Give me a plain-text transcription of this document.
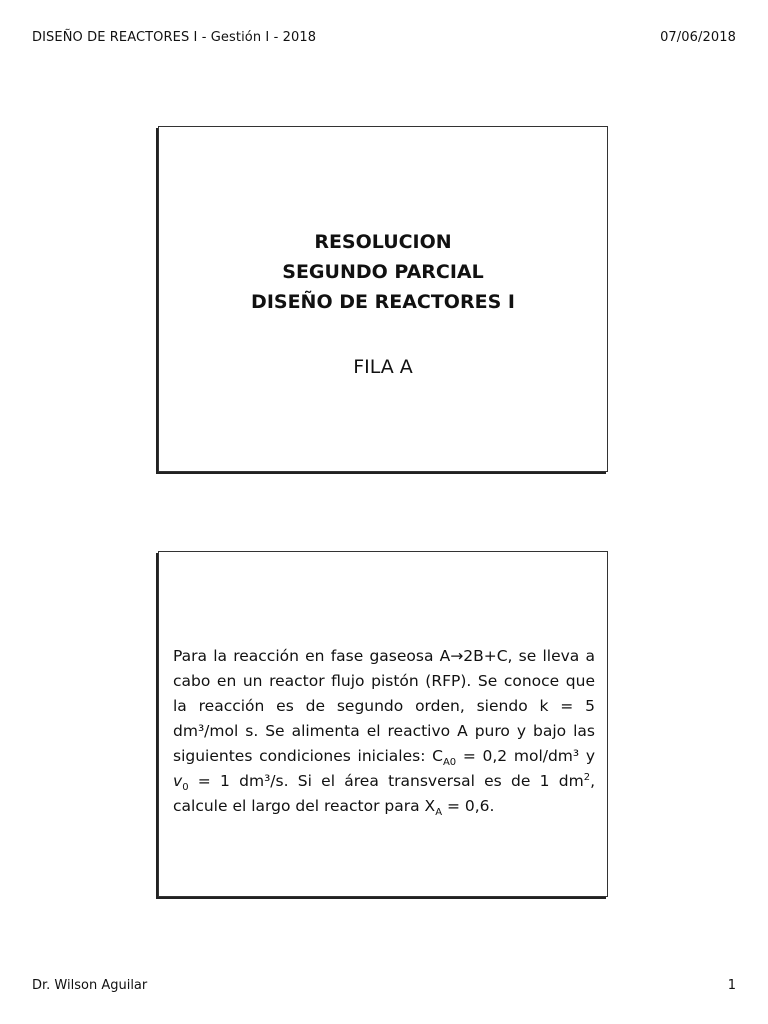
DISEÑO DE REACTORES I - Gestión I - 2018	07/06/2018
RESOLUCION
SEGUNDO PARCIAL
DISEÑO DE REACTORES I
FILA A

Para la reacción en fase gaseosa A→2B+C, se lleva a cabo en un reactor flujo pistón (RFP). Se conoce que la reacción es de segundo orden, siendo k = 5 dm³/mol s. Se alimenta el reactivo A puro y bajo las siguientes condiciones iniciales: $C_{A0} = 0,2$ mol/dm³ y $v_0 = 1$ dm³/s. Si el área transversal es de 1 $dm^2$, calcule el largo del reactor para $X_A = 0,6$.

Dr. Wilson Aguilar	1
